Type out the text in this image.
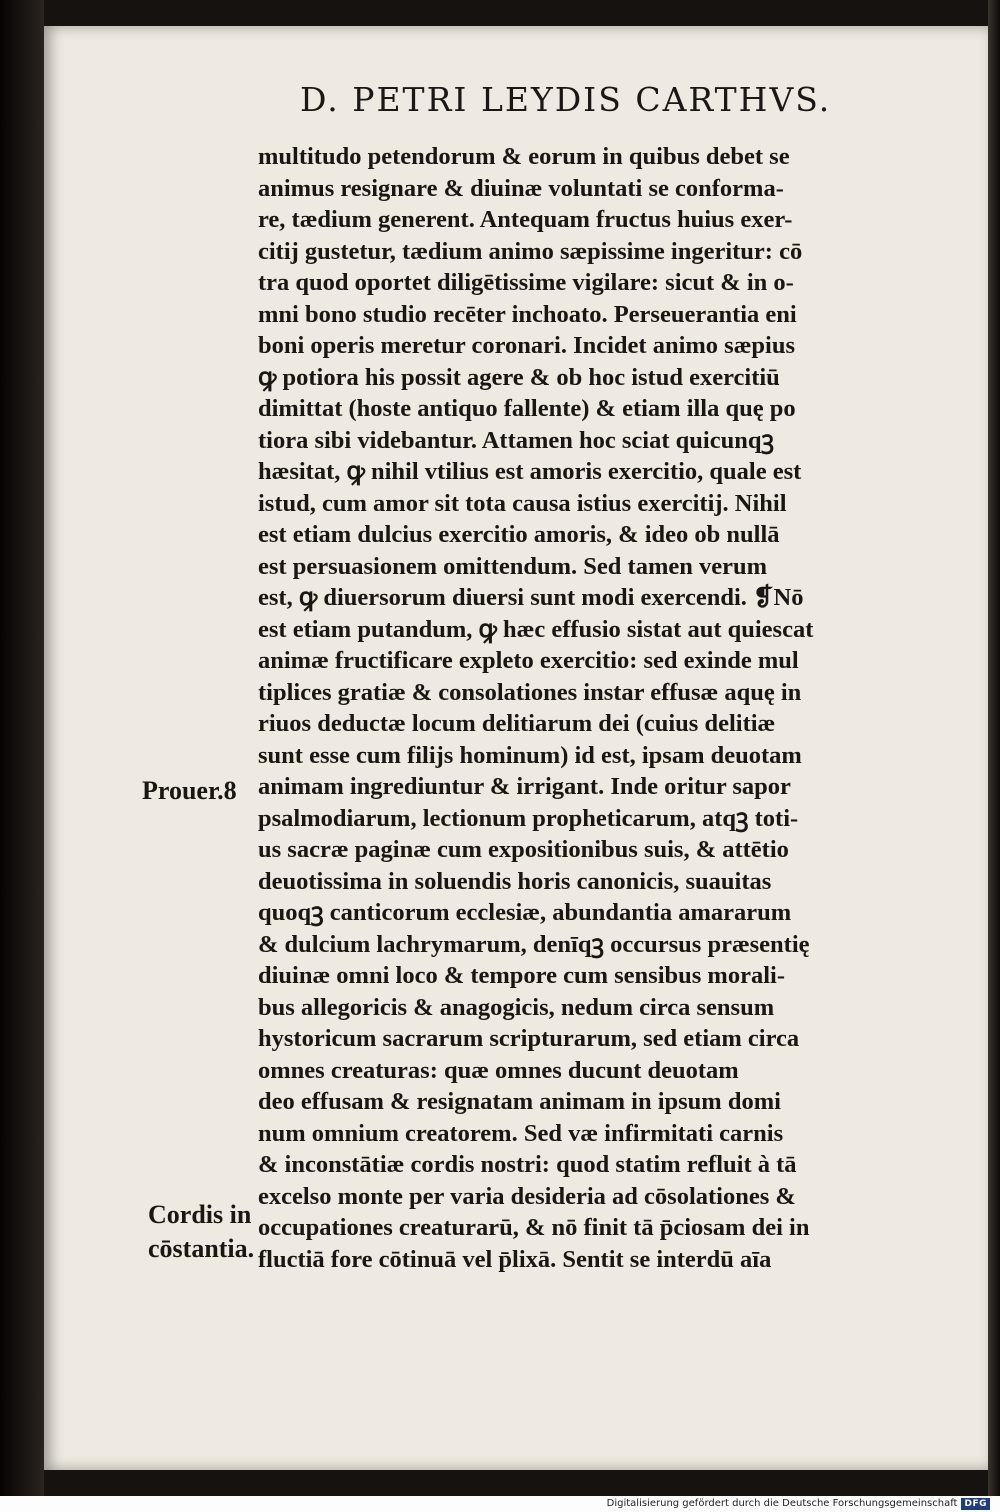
D. PETRI LEYDIS CARTHVS.
multitudo petendorum & eorum in quibus debet se
animus resignare & diuinæ voluntati se conforma-
re, tædium generent. Antequam fructus huius exer-
citij gustetur, tædium animo sæpissime ingeritur: cō
tra quod oportet diligētissime vigilare: sicut & in o-
mni bono studio recēter inchoato. Perseuerantia eni
boni operis meretur coronari. Incidet animo sæpius
ꝙ potiora his possit agere & ob hoc istud exercitiū
dimittat (hoste antiquo fallente) & etiam illa quę po
tiora sibi videbantur. Attamen hoc sciat quicunqꝫ
hæsitat, ꝙ nihil vtilius est amoris exercitio, quale est
istud, cum amor sit tota causa istius exercitij. Nihil
est etiam dulcius exercitio amoris, & ideo ob nullā
est persuasionem omittendum. Sed tamen verum
est, ꝙ diuersorum diuersi sunt modi exercendi. ❡Nō
est etiam putandum, ꝙ hæc effusio sistat aut quiescat
animæ fructificare expleto exercitio: sed exinde mul
tiplices gratiæ & consolationes instar effusæ aquę in
riuos deductæ locum delitiarum dei (cuius delitiæ
sunt esse cum filijs hominum) id est, ipsam deuotam
animam ingrediuntur & irrigant. Inde oritur sapor
psalmodiarum, lectionum propheticarum, atqꝫ toti-
us sacræ paginæ cum expositionibus suis, & attētio
deuotissima in soluendis horis canonicis, suauitas
quoqꝫ canticorum ecclesiæ, abundantia amararum
& dulcium lachrymarum, denīqꝫ occursus præsentię
diuinæ omni loco & tempore cum sensibus morali-
bus allegoricis & anagogicis, nedum circa sensum
hystoricum sacrarum scripturarum, sed etiam circa
omnes creaturas: quæ omnes ducunt deuotam
deo effusam & resignatam animam in ipsum domi
num omnium creatorem. Sed væ infirmitati carnis
& inconstātiæ cordis nostri: quod statim refluit à tā
excelso monte per varia desideria ad cōsolationes &
occupationes creaturarū, & nō finit tā p̄ciosam dei in
fluctiā fore cōtinuā vel p̄lixā. Sentit se interdū aīa
Prouer.8
Cordis in
cōstantia.
Digitalisierung gefördert durch die Deutsche Forschungsgemeinschaft DFG
